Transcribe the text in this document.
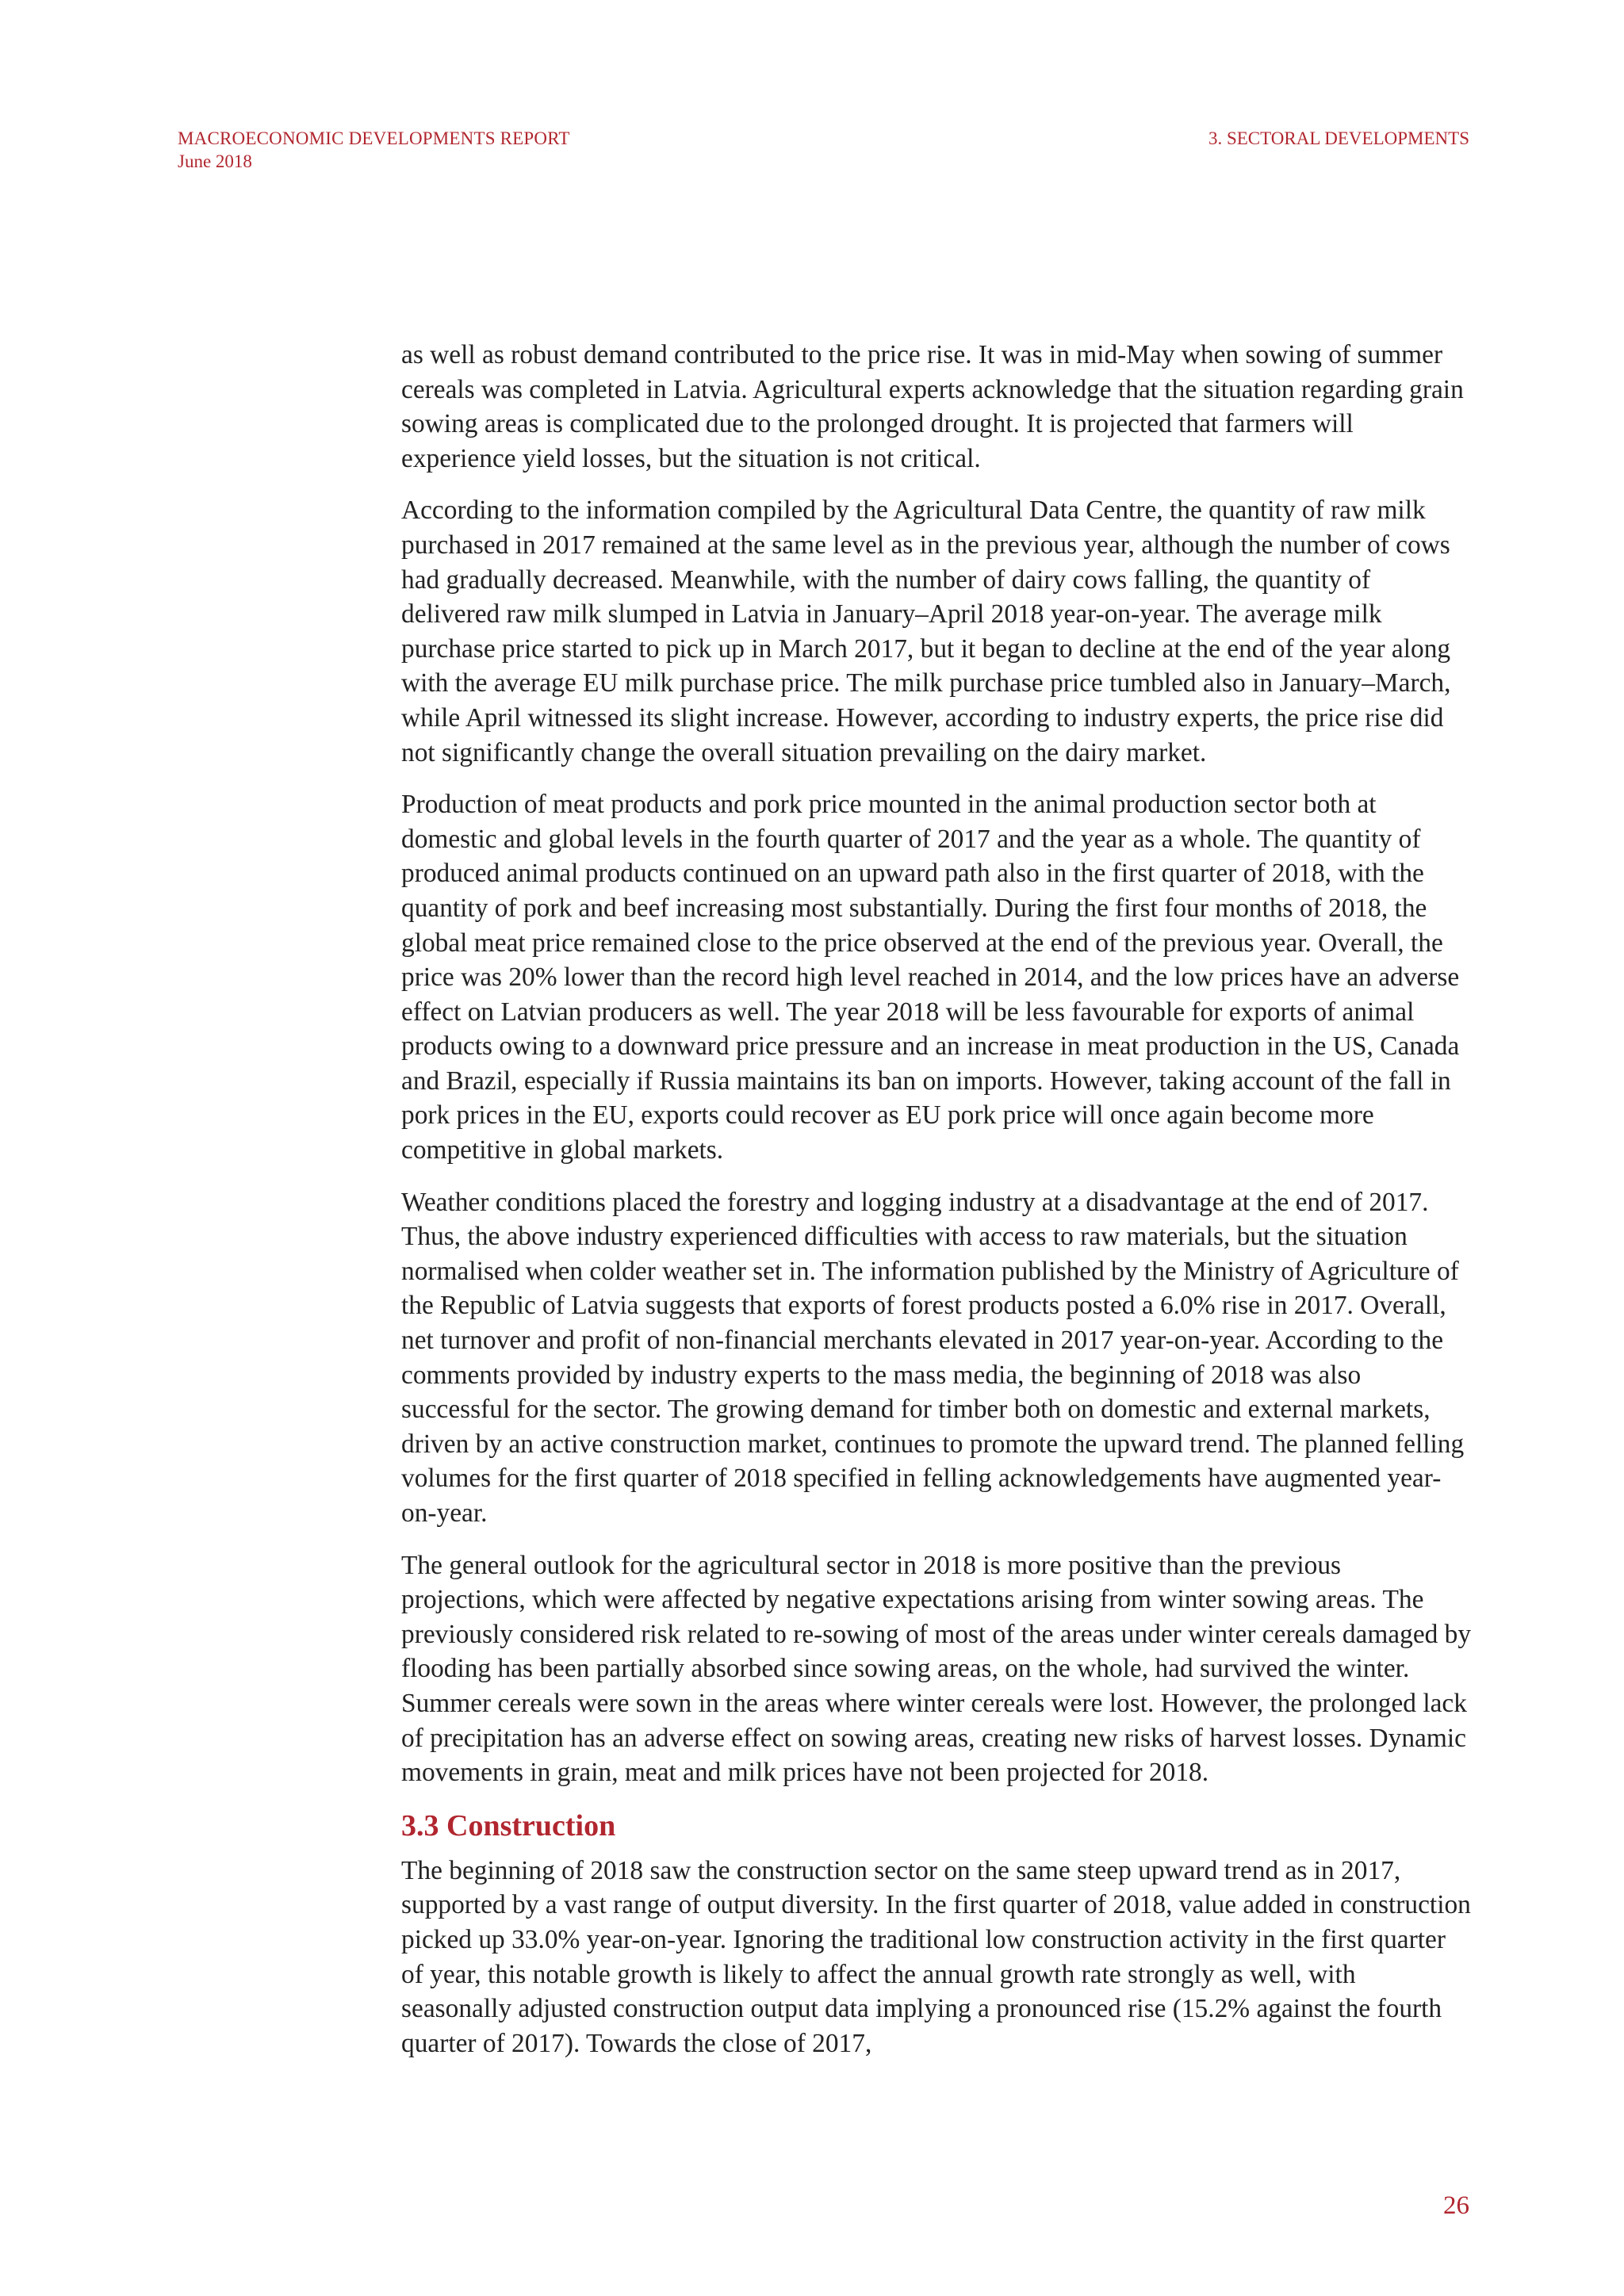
MACROECONOMIC DEVELOPMENTS REPORT
June 2018
3. SECTORAL DEVELOPMENTS

as well as robust demand contributed to the price rise. It was in mid-May when sowing of summer cereals was completed in Latvia. Agricultural experts acknowledge that the situation regarding grain sowing areas is complicated due to the prolonged drought. It is projected that farmers will experience yield losses, but the situation is not critical.

According to the information compiled by the Agricultural Data Centre, the quantity of raw milk purchased in 2017 remained at the same level as in the previous year, although the number of cows had gradually decreased. Meanwhile, with the number of dairy cows falling, the quantity of delivered raw milk slumped in Latvia in January–April 2018 year-on-year. The average milk purchase price started to pick up in March 2017, but it began to decline at the end of the year along with the average EU milk purchase price. The milk purchase price tumbled also in January–March, while April witnessed its slight increase. However, according to industry experts, the price rise did not significantly change the overall situation prevailing on the dairy market.

Production of meat products and pork price mounted in the animal production sector both at domestic and global levels in the fourth quarter of 2017 and the year as a whole. The quantity of produced animal products continued on an upward path also in the first quarter of 2018, with the quantity of pork and beef increasing most substantially. During the first four months of 2018, the global meat price remained close to the price observed at the end of the previous year. Overall, the price was 20% lower than the record high level reached in 2014, and the low prices have an adverse effect on Latvian producers as well. The year 2018 will be less favourable for exports of animal products owing to a downward price pressure and an increase in meat production in the US, Canada and Brazil, especially if Russia maintains its ban on imports. However, taking account of the fall in pork prices in the EU, exports could recover as EU pork price will once again become more competitive in global markets.

Weather conditions placed the forestry and logging industry at a disadvantage at the end of 2017. Thus, the above industry experienced difficulties with access to raw materials, but the situation normalised when colder weather set in. The information published by the Ministry of Agriculture of the Republic of Latvia suggests that exports of forest products posted a 6.0% rise in 2017. Overall, net turnover and profit of non-financial merchants elevated in 2017 year-on-year. According to the comments provided by industry experts to the mass media, the beginning of 2018 was also successful for the sector. The growing demand for timber both on domestic and external markets, driven by an active construction market, continues to promote the upward trend. The planned felling volumes for the first quarter of 2018 specified in felling acknowledgements have augmented year-on-year.

The general outlook for the agricultural sector in 2018 is more positive than the previous projections, which were affected by negative expectations arising from winter sowing areas. The previously considered risk related to re-sowing of most of the areas under winter cereals damaged by flooding has been partially absorbed since sowing areas, on the whole, had survived the winter. Summer cereals were sown in the areas where winter cereals were lost. However, the prolonged lack of precipitation has an adverse effect on sowing areas, creating new risks of harvest losses. Dynamic movements in grain, meat and milk prices have not been projected for 2018.

3.3 Construction

The beginning of 2018 saw the construction sector on the same steep upward trend as in 2017, supported by a vast range of output diversity. In the first quarter of 2018, value added in construction picked up 33.0% year-on-year. Ignoring the traditional low construction activity in the first quarter of year, this notable growth is likely to affect the annual growth rate strongly as well, with seasonally adjusted construction output data implying a pronounced rise (15.2% against the fourth quarter of 2017). Towards the close of 2017,

26
